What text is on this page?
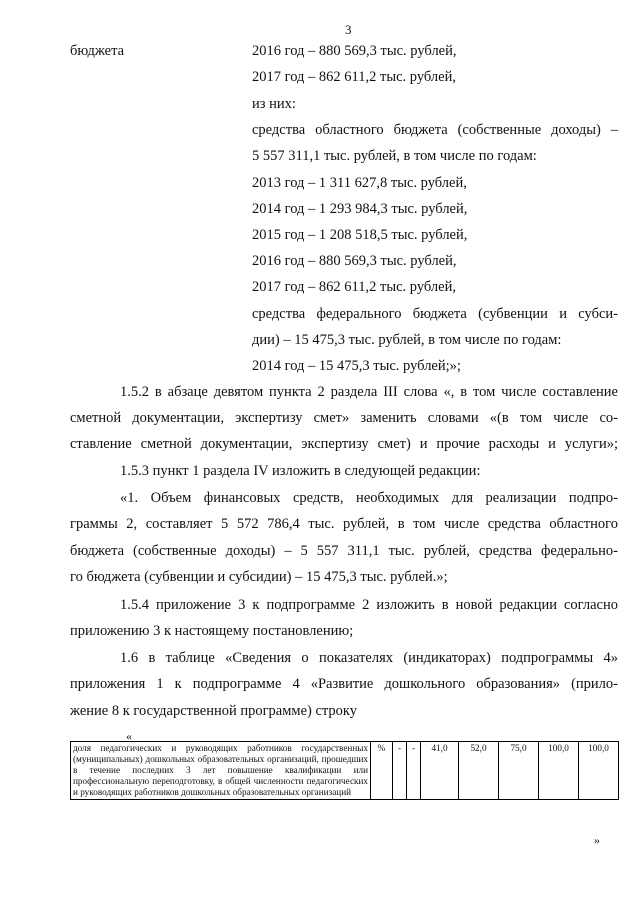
3
бюджета	2016 год – 880 569,3 тыс. рублей,
2017 год – 862 611,2 тыс. рублей,
из них:
средства областного бюджета (собственные доходы) –
5 557 311,1 тыс. рублей, в том числе по годам:
2013 год – 1 311 627,8 тыс. рублей,
2014 год – 1 293 984,3 тыс. рублей,
2015 год – 1 208 518,5 тыс. рублей,
2016 год – 880 569,3 тыс. рублей,
2017 год – 862 611,2 тыс. рублей,
средства федерального бюджета (субвенции и субси-
дии) – 15 475,3 тыс. рублей, в том числе по годам:
2014 год – 15 475,3 тыс. рублей;»;
1.5.2 в абзаце девятом пункта 2 раздела III слова «, в том числе составление
сметной документации, экспертизу смет» заменить словами «(в том числе со-
ставление сметной документации, экспертизу смет) и прочие расходы и услуги»;
1.5.3 пункт 1 раздела IV изложить в следующей редакции:
«1. Объем финансовых средств, необходимых для реализации подпро-
граммы 2, составляет 5 572 786,4 тыс. рублей, в том числе средства областного
бюджета (собственные доходы) – 5 557 311,1 тыс. рублей, средства федерально-
го бюджета (субвенции и субсидии) – 15 475,3 тыс. рублей.»;
1.5.4 приложение 3 к подпрограмме 2 изложить в новой редакции согласно
приложению 3 к настоящему постановлению;
1.6 в таблице «Сведения о показателях (индикаторах) подпрограммы 4»
приложения 1 к подпрограмме 4 «Развитие дошкольного образования» (прило-
жение 8 к государственной программе) строку
«
доля педагогических и руководящих работников государственных (муниципальных) дошкольных образовательных организаций, прошедших в течение последних 3 лет повышение квалификации или профессиональную переподготовку, в общей численности педагогических и руководящих работников дошкольных образовательных организаций	%	-	-	41,0	52,0	75,0	100,0	100,0
»
